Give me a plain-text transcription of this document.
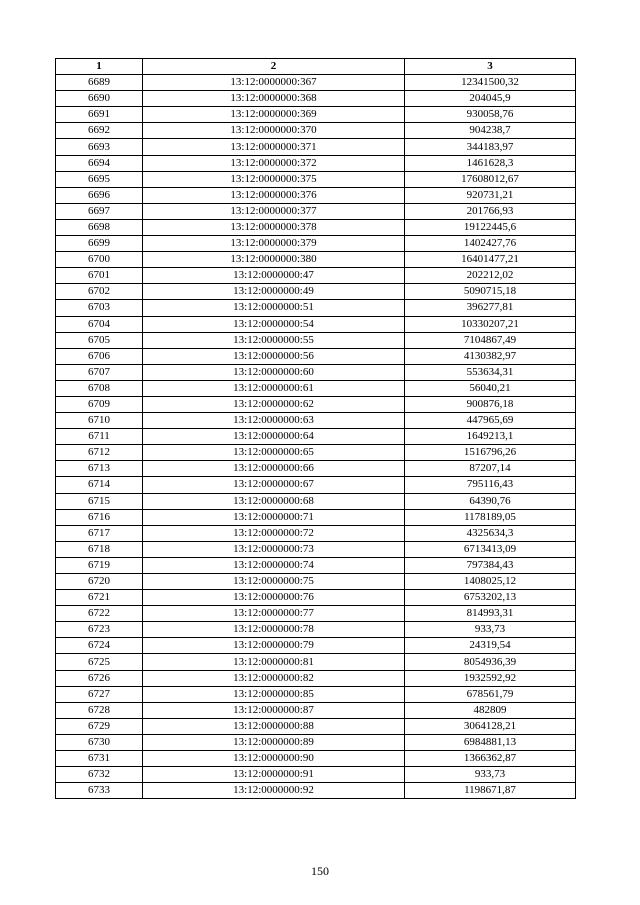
1	2	3
6689	13:12:0000000:367	12341500,32
6690	13:12:0000000:368	204045,9
6691	13:12:0000000:369	930058,76
6692	13:12:0000000:370	904238,7
6693	13:12:0000000:371	344183,97
6694	13:12:0000000:372	1461628,3
6695	13:12:0000000:375	17608012,67
6696	13:12:0000000:376	920731,21
6697	13:12:0000000:377	201766,93
6698	13:12:0000000:378	19122445,6
6699	13:12:0000000:379	1402427,76
6700	13:12:0000000:380	16401477,21
6701	13:12:0000000:47	202212,02
6702	13:12:0000000:49	5090715,18
6703	13:12:0000000:51	396277,81
6704	13:12:0000000:54	10330207,21
6705	13:12:0000000:55	7104867,49
6706	13:12:0000000:56	4130382,97
6707	13:12:0000000:60	553634,31
6708	13:12:0000000:61	56040,21
6709	13:12:0000000:62	900876,18
6710	13:12:0000000:63	447965,69
6711	13:12:0000000:64	1649213,1
6712	13:12:0000000:65	1516796,26
6713	13:12:0000000:66	87207,14
6714	13:12:0000000:67	795116,43
6715	13:12:0000000:68	64390,76
6716	13:12:0000000:71	1178189,05
6717	13:12:0000000:72	4325634,3
6718	13:12:0000000:73	6713413,09
6719	13:12:0000000:74	797384,43
6720	13:12:0000000:75	1408025,12
6721	13:12:0000000:76	6753202,13
6722	13:12:0000000:77	814993,31
6723	13:12:0000000:78	933,73
6724	13:12:0000000:79	24319,54
6725	13:12:0000000:81	8054936,39
6726	13:12:0000000:82	1932592,92
6727	13:12:0000000:85	678561,79
6728	13:12:0000000:87	482809
6729	13:12:0000000:88	3064128,21
6730	13:12:0000000:89	6984881,13
6731	13:12:0000000:90	1366362,87
6732	13:12:0000000:91	933,73
6733	13:12:0000000:92	1198671,87
150
